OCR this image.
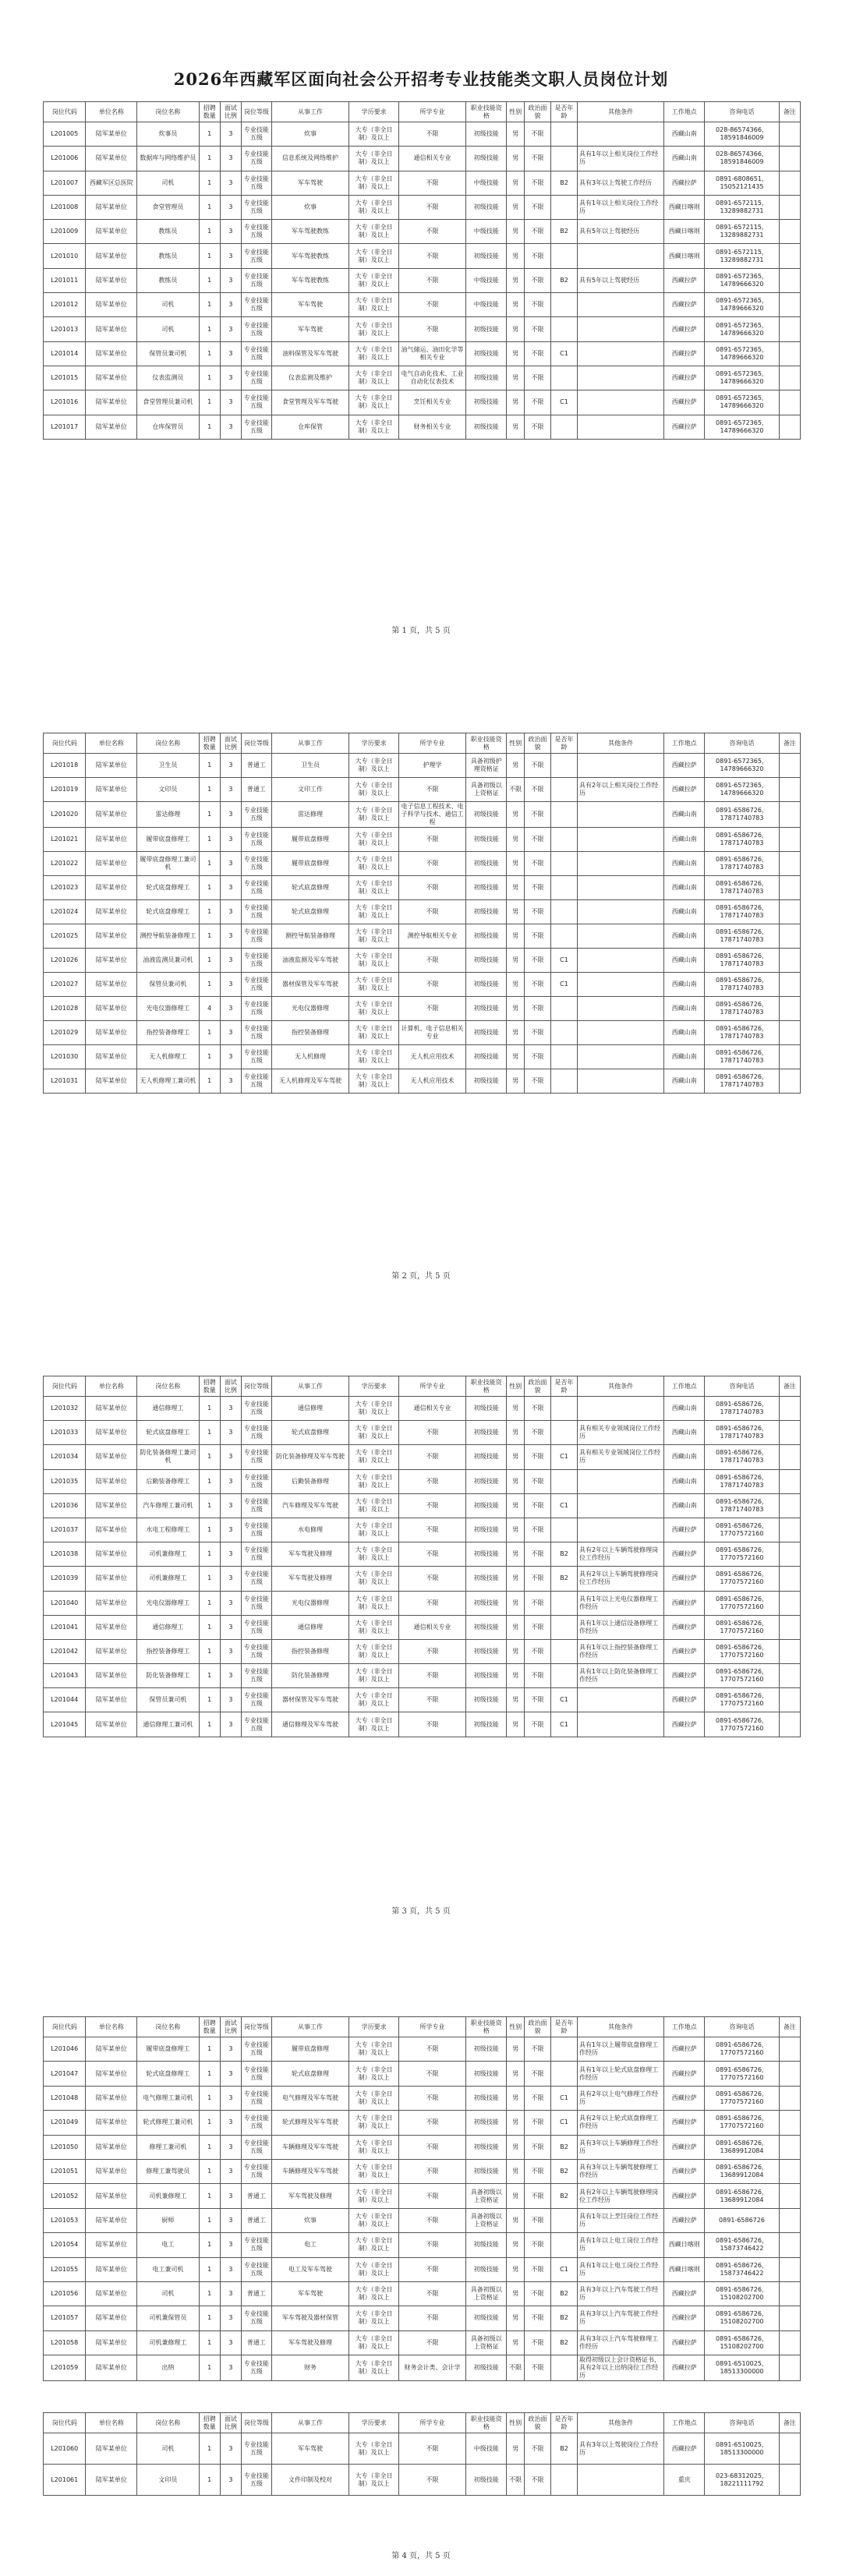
2026年西藏军区面向社会公开招考专业技能类文职人员岗位计划
岗位代码	单位名称	岗位名称	招聘数量	面试比例	岗位等级	从事工作	学历要求	所学专业	职业技能资格	性别	政治面貌	是否年龄	其他条件	工作地点	咨询电话	备注
L201005	陆军某单位	炊事员	1	3	专业技能五级	炊事	大专（非全日制）及以上	不限	初级技能	男	不限			西藏山南	028-86574366，18591846009	
L201006	陆军某单位	数据库与网络维护员	1	3	专业技能五级	信息系统及网络维护	大专（非全日制）及以上	通信相关专业	初级技能	男	不限		具有1年以上相关岗位工作经历	西藏山南	028-86574366，18591846009	
L201007	西藏军区总医院	司机	1	3	专业技能五级	军车驾驶	大专（非全日制）及以上	不限	中级技能	男	不限	B2	具有3年以上驾驶工作经历	西藏拉萨	0891-6808651，15052121435	
L201008	陆军某单位	食堂管理员	1	3	专业技能五级	炊事	大专（非全日制）及以上	不限	初级技能	男	不限		具有1年以上相关岗位工作经历	西藏日喀则	0891-6572115，13289882731	
L201009	陆军某单位	教练员	1	3	专业技能五级	军车驾驶教练	大专（非全日制）及以上	不限	中级技能	男	不限	B2	具有5年以上驾驶经历	西藏日喀则	0891-6572115，13289882731	
L201010	陆军某单位	教练员	1	3	专业技能五级	军车驾驶教练	大专（非全日制）及以上	不限	初级技能	男	不限			西藏日喀则	0891-6572115，13289882731	
L201011	陆军某单位	教练员	1	3	专业技能五级	军车驾驶教练	大专（非全日制）及以上	不限	中级技能	男	不限	B2	具有5年以上驾驶经历	西藏拉萨	0891-6572365，14789666320	
L201012	陆军某单位	司机	1	3	专业技能五级	军车驾驶	大专（非全日制）及以上	不限	中级技能	男	不限			西藏拉萨	0891-6572365，14789666320	
L201013	陆军某单位	司机	1	3	专业技能五级	军车驾驶	大专（非全日制）及以上	不限	初级技能	男	不限			西藏拉萨	0891-6572365，14789666320	
L201014	陆军某单位	保管员兼司机	1	3	专业技能五级	油料保管及军车驾驶	大专（非全日制）及以上	油气储运、油田化学等相关专业	初级技能	男	不限	C1		西藏拉萨	0891-6572365，14789666320	
L201015	陆军某单位	仪表监测员	1	3	专业技能五级	仪表监测及维护	大专（非全日制）及以上	电气自动化技术、工业自动化仪表技术	初级技能	男	不限			西藏拉萨	0891-6572365，14789666320	
L201016	陆军某单位	食堂管理员兼司机	1	3	专业技能五级	食堂管理及军车驾驶	大专（非全日制）及以上	烹饪相关专业	初级技能	男	不限	C1		西藏拉萨	0891-6572365，14789666320	
L201017	陆军某单位	仓库保管员	1	3	专业技能五级	仓库保管	大专（非全日制）及以上	财务相关专业	初级技能	男	不限			西藏拉萨	0891-6572365，14789666320	
第 1 页，共 5 页
岗位代码	单位名称	岗位名称	招聘数量	面试比例	岗位等级	从事工作	学历要求	所学专业	职业技能资格	性别	政治面貌	是否年龄	其他条件	工作地点	咨询电话	备注
L201018	陆军某单位	卫生员	1	3	普通工	卫生员	大专（非全日制）及以上	护理学	具备初级护理资格证	男	不限			西藏拉萨	0891-6572365，14789666320	
L201019	陆军某单位	文印员	1	3	普通工	文印工作	大专（非全日制）及以上	不限	具备初级以上资格证	不限	不限		具有2年以上相关岗位工作经历	西藏拉萨	0891-6572365，14789666320	
L201020	陆军某单位	雷达修理	1	3	专业技能五级	雷达修理	大专（非全日制）及以上	电子信息工程技术、电子科学与技术、通信工程	初级技能	男	不限			西藏山南	0891-6586726，17871740783	
L201021	陆军某单位	履带底盘修理工	1	3	专业技能五级	履带底盘修理	大专（非全日制）及以上	不限	初级技能	男	不限			西藏山南	0891-6586726，17871740783	
L201022	陆军某单位	履带底盘修理工兼司机	1	3	专业技能五级	履带底盘修理	大专（非全日制）及以上	不限	初级技能	男	不限			西藏山南	0891-6586726，17871740783	
L201023	陆军某单位	轮式底盘修理工	1	3	专业技能五级	轮式底盘修理	大专（非全日制）及以上	不限	初级技能	男	不限			西藏山南	0891-6586726，17871740783	
L201024	陆军某单位	轮式底盘修理工	1	3	专业技能五级	轮式底盘修理	大专（非全日制）及以上	不限	初级技能	男	不限			西藏山南	0891-6586726，17871740783	
L201025	陆军某单位	测控导航装备修理工	1	3	专业技能五级	测控导航装备修理	大专（非全日制）及以上	测控导航相关专业	初级技能	男	不限			西藏山南	0891-6586726，17871740783	
L201026	陆军某单位	油液监测员兼司机	1	3	专业技能五级	油液监测及军车驾驶	大专（非全日制）及以上	不限	初级技能	男	不限	C1		西藏山南	0891-6586726，17871740783	
L201027	陆军某单位	保管员兼司机	1	3	专业技能五级	器材保管及军车驾驶	大专（非全日制）及以上	不限	初级技能	男	不限	C1		西藏山南	0891-6586726，17871740783	
L201028	陆军某单位	光电仪器修理工	4	3	专业技能五级	光电仪器修理	大专（非全日制）及以上	不限	初级技能	男	不限			西藏山南	0891-6586726，17871740783	
L201029	陆军某单位	指控装备修理工	1	3	专业技能五级	指控装备修理	大专（非全日制）及以上	计算机、电子信息相关专业	初级技能	男	不限			西藏山南	0891-6586726，17871740783	
L201030	陆军某单位	无人机修理工	1	3	专业技能五级	无人机修理	大专（非全日制）及以上	无人机应用技术	初级技能	男	不限			西藏山南	0891-6586726，17871740783	
L201031	陆军某单位	无人机修理工兼司机	1	3	专业技能五级	无人机修理及军车驾驶	大专（非全日制）及以上	无人机应用技术	初级技能	男	不限			西藏山南	0891-6586726，17871740783	
第 2 页，共 5 页
岗位代码	单位名称	岗位名称	招聘数量	面试比例	岗位等级	从事工作	学历要求	所学专业	职业技能资格	性别	政治面貌	是否年龄	其他条件	工作地点	咨询电话	备注
L201032	陆军某单位	通信修理工	1	3	专业技能五级	通信修理	大专（非全日制）及以上	通信相关专业	初级技能	男	不限			西藏山南	0891-6586726，17871740783	
L201033	陆军某单位	轮式底盘修理工	1	3	专业技能五级	轮式底盘修理	大专（非全日制）及以上	不限	初级技能	男	不限		具有相关专业领域岗位工作经历	西藏山南	0891-6586726，17871740783	
L201034	陆军某单位	防化装备修理工兼司机	1	3	专业技能五级	防化装备修理及军车驾驶	大专（非全日制）及以上	不限	初级技能	男	不限	C1	具有相关专业领域岗位工作经历	西藏山南	0891-6586726，17871740783	
L201035	陆军某单位	后勤装备修理工	1	3	专业技能五级	后勤装备修理	大专（非全日制）及以上	不限	初级技能	男	不限			西藏山南	0891-6586726，17871740783	
L201036	陆军某单位	汽车修理工兼司机	1	3	专业技能五级	汽车修理及军车驾驶	大专（非全日制）及以上	不限	初级技能	男	不限	C1		西藏山南	0891-6586726，17871740783	
L201037	陆军某单位	水电工程修理工	1	3	专业技能五级	水电修理	大专（非全日制）及以上	不限	初级技能	男	不限			西藏拉萨	0891-6586726，17707572160	
L201038	陆军某单位	司机兼修理工	1	3	专业技能五级	军车驾驶及修理	大专（非全日制）及以上	不限	初级技能	男	不限	B2	具有2年以上车辆驾驶修理岗位工作经历	西藏拉萨	0891-6586726，17707572160	
L201039	陆军某单位	司机兼修理工	1	3	专业技能五级	军车驾驶及修理	大专（非全日制）及以上	不限	初级技能	男	不限	B2	具有2年以上车辆驾驶修理岗位工作经历	西藏拉萨	0891-6586726，17707572160	
L201040	陆军某单位	光电仪器修理工	1	3	专业技能五级	光电仪器修理	大专（非全日制）及以上	不限	初级技能	男	不限		具有1年以上光电仪器修理工作经历	西藏拉萨	0891-6586726，17707572160	
L201041	陆军某单位	通信修理工	1	3	专业技能五级	通信修理	大专（非全日制）及以上	通信相关专业	初级技能	男	不限		具有1年以上通信设备修理工作经历	西藏拉萨	0891-6586726，17707572160	
L201042	陆军某单位	指控装备修理工	1	3	专业技能五级	指控装备修理	大专（非全日制）及以上	不限	初级技能	男	不限		具有1年以上指控装备修理工作经历	西藏拉萨	0891-6586726，17707572160	
L201043	陆军某单位	防化装备修理工	1	3	专业技能五级	防化装备修理	大专（非全日制）及以上	不限	初级技能	男	不限		具有1年以上防化装备修理工作经历	西藏拉萨	0891-6586726，17707572160	
L201044	陆军某单位	保管员兼司机	1	3	专业技能五级	器材保管及军车驾驶	大专（非全日制）及以上	不限	初级技能	男	不限	C1		西藏拉萨	0891-6586726，17707572160	
L201045	陆军某单位	通信修理工兼司机	1	3	专业技能五级	通信修理及军车驾驶	大专（非全日制）及以上	不限	初级技能	男	不限	C1		西藏拉萨	0891-6586726，17707572160	
第 3 页，共 5 页
岗位代码	单位名称	岗位名称	招聘数量	面试比例	岗位等级	从事工作	学历要求	所学专业	职业技能资格	性别	政治面貌	是否年龄	其他条件	工作地点	咨询电话	备注
L201046	陆军某单位	履带底盘修理工	1	3	专业技能五级	履带底盘修理	大专（非全日制）及以上	不限	初级技能	男	不限		具有1年以上履带底盘修理工作经历	西藏拉萨	0891-6586726，17707572160	
L201047	陆军某单位	轮式底盘修理工	1	3	专业技能五级	轮式底盘修理	大专（非全日制）及以上	不限	初级技能	男	不限		具有1年以上轮式底盘修理工作经历	西藏拉萨	0891-6586726，17707572160	
L201048	陆军某单位	电气修理工兼司机	1	3	专业技能五级	电气修理及军车驾驶	大专（非全日制）及以上	不限	初级技能	男	不限	C1	具有2年以上电气修理工作经历	西藏拉萨	0891-6586726，17707572160	
L201049	陆军某单位	轮式修理工兼司机	1	3	专业技能五级	轮式修理及军车驾驶	大专（非全日制）及以上	不限	初级技能	男	不限	C1	具有2年以上轮式底盘修理工作经历	西藏拉萨	0891-6586726，17707572160	
L201050	陆军某单位	修理工兼司机	1	3	专业技能五级	车辆修理及军车驾驶	大专（非全日制）及以上	不限	初级技能	男	不限	B2	具有3年以上车辆修理工作经历	西藏拉萨	0891-6586726，13689912084	
L201051	陆军某单位	修理工兼驾驶员	1	3	专业技能五级	车辆修理及军车驾驶	大专（非全日制）及以上	不限	初级技能	男	不限	B2	具有3年以上车辆驾驶修理工作经历	西藏拉萨	0891-6586726，13689912084	
L201052	陆军某单位	司机兼修理工	1	3	普通工	军车驾驶及修理	大专（非全日制）及以上	不限	具备初级以上资格证	男	不限	B2	具有2年以上车辆驾驶修理岗位工作经历	西藏拉萨	0891-6586726，13689912084	
L201053	陆军某单位	厨师	1	3	普通工	炊事	大专（非全日制）及以上	不限	具备初级以上资格证	男	不限		具有1年以上烹饪岗位工作经历	西藏拉萨	0891-6586726	
L201054	陆军某单位	电工	1	3	专业技能五级	电工	大专（非全日制）及以上	不限	初级技能	男	不限		具有1年以上电工岗位工作经历	西藏日喀则	0891-6586726，15873746422	
L201055	陆军某单位	电工兼司机	1	3	专业技能五级	电工及军车驾驶	大专（非全日制）及以上	不限	初级技能	男	不限	C1	具有1年以上电工岗位工作经历	西藏日喀则	0891-6586726，15873746422	
L201056	陆军某单位	司机	1	3	普通工	军车驾驶	大专（非全日制）及以上	不限	具备初级以上资格证	男	不限	B2	具有3年以上汽车驾驶工作经历	西藏拉萨	0891-6586726，15108202700	
L201057	陆军某单位	司机兼保管员	1	3	专业技能五级	军车驾驶及器材保管	大专（非全日制）及以上	不限	初级技能	男	不限	B2	具有3年以上汽车驾驶工作经历	西藏拉萨	0891-6586726，15108202700	
L201058	陆军某单位	司机兼修理工	1	3	普通工	军车驾驶及修理	大专（非全日制）及以上	不限	具备初级以上资格证	男	不限	B2	具有3年以上汽车驾驶修理工作经历	西藏拉萨	0891-6586726，15108202700	
L201059	陆军某单位	出纳	1	3	专业技能五级	财务	大专（非全日制）及以上	财务会计类、会计学	初级技能	不限	不限		取得初级以上会计资格证书，具有2年以上出纳岗位工作经历	西藏拉萨	0891-6510025，18513300000	
第 4 页，共 5 页
岗位代码	单位名称	岗位名称	招聘数量	面试比例	岗位等级	从事工作	学历要求	所学专业	职业技能资格	性别	政治面貌	是否年龄	其他条件	工作地点	咨询电话	备注
L201060	陆军某单位	司机	1	3	专业技能五级	军车驾驶	大专（非全日制）及以上	不限	中级技能	男	不限	B2	具有3年以上驾驶岗位工作经历	西藏拉萨	0891-6510025，18513300000	
L201061	陆军某单位	文印员	1	3	专业技能五级	文件印制及校对	大专（非全日制）及以上	不限	初级技能	不限	不限			重庆	023-68312025，18221111792	
